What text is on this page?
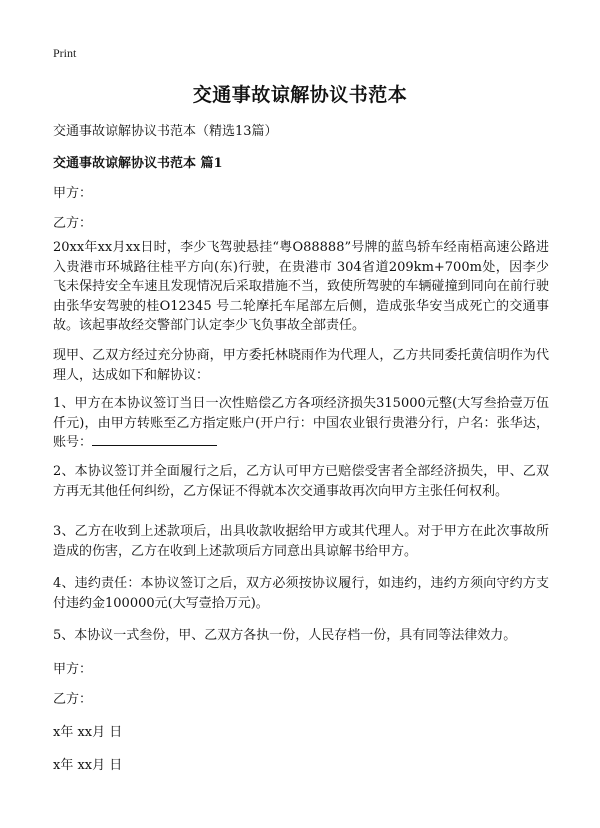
Print
交通事故谅解协议书范本
交通事故谅解协议书范本（精选13篇）
交通事故谅解协议书范本 篇1
甲方：
乙方：

20xx年xx月xx日时，李少飞驾驶悬挂“粤O88888”号牌的蓝鸟轿车经南梧高速公路进入贵港市环城路往桂平方向(东)行驶，在贵港市 304省道209km+700m处，因李少飞未保持安全车速且发现情况后采取措施不当，致使所驾驶的车辆碰撞到同向在前行驶由张华安驾驶的桂O12345 号二轮摩托车尾部左后侧，造成张华安当成死亡的交通事故。该起事故经交警部门认定李少飞负事故全部责任。

现甲、乙双方经过充分协商，甲方委托林晓雨作为代理人，乙方共同委托黄信明作为代理人，达成如下和解协议：

1、甲方在本协议签订当日一次性赔偿乙方各项经济损失315000元整(大写叁拾壹万伍仟元)，由甲方转账至乙方指定账户(开户行：中国农业银行贵港分行，户名：张华达，账号：

2、本协议签订并全面履行之后，乙方认可甲方已赔偿受害者全部经济损失，甲、乙双方再无其他任何纠纷，乙方保证不得就本次交通事故再次向甲方主张任何权利。

3、乙方在收到上述款项后，出具收款收据给甲方或其代理人。对于甲方在此次事故所造成的伤害，乙方在收到上述款项后方同意出具谅解书给甲方。

4、违约责任：本协议签订之后，双方必须按协议履行，如违约，违约方须向守约方支付违约金100000元(大写壹拾万元)。

5、本协议一式叁份，甲、乙双方各执一份，人民存档一份，具有同等法律效力。

甲方：
乙方：
x年 xx月 日
x年 xx月 日
